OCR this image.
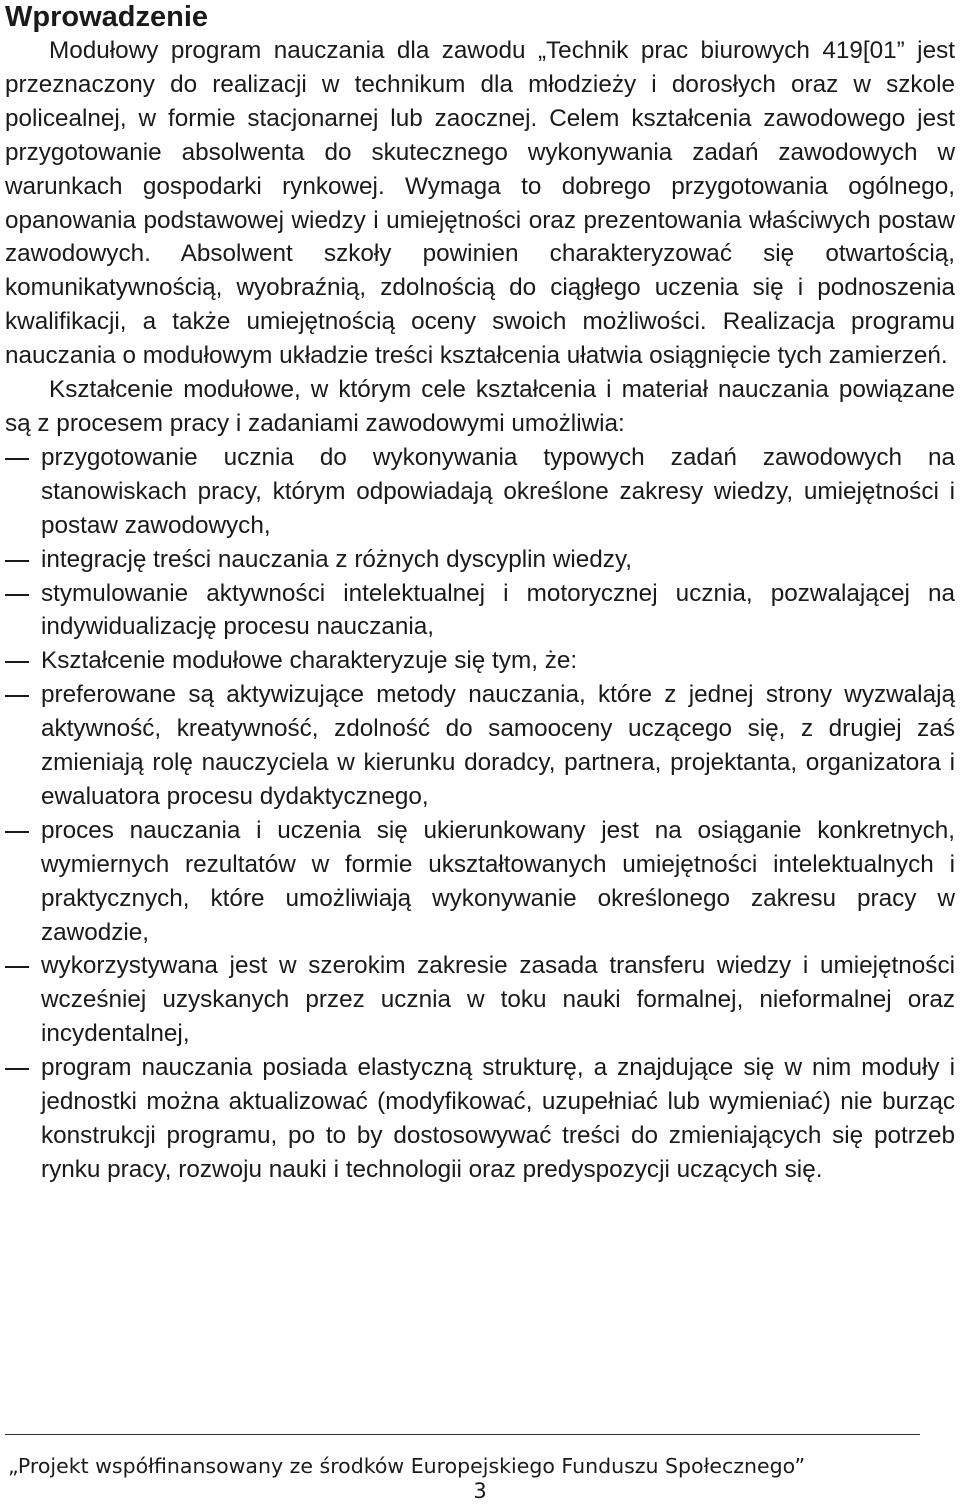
Wprowadzenie

Modułowy program nauczania dla zawodu „Technik prac biurowych 419[01” jest przeznaczony do realizacji w technikum dla młodzieży i dorosłych oraz w szkole policealnej, w formie stacjonarnej lub zaocznej. Celem kształcenia zawodowego jest przygotowanie absolwenta do skutecznego wykonywania zadań zawodowych w warunkach gospodarki rynkowej. Wymaga to dobrego przygotowania ogólnego, opanowania podstawowej wiedzy i umiejętności oraz prezentowania właściwych postaw zawodowych. Absolwent szkoły powinien charakteryzować się otwartością, komunikatywnością, wyobraźnią, zdolnością do ciągłego uczenia się i podnoszenia kwalifikacji, a także umiejętnością oceny swoich możliwości. Realizacja programu nauczania o modułowym układzie treści kształcenia ułatwia osiągnięcie tych zamierzeń.

Kształcenie modułowe, w którym cele kształcenia i materiał nauczania powiązane są z procesem pracy i zadaniami zawodowymi umożliwia:

przygotowanie ucznia do wykonywania typowych zadań zawodowych na stanowiskach pracy, którym odpowiadają określone zakresy wiedzy, umiejętności i postaw zawodowych,
integrację treści nauczania z różnych dyscyplin wiedzy,
stymulowanie aktywności intelektualnej i motorycznej ucznia, pozwalającej na indywidualizację procesu nauczania,
Kształcenie modułowe charakteryzuje się tym, że:
preferowane są aktywizujące metody nauczania, które z jednej strony wyzwalają aktywność, kreatywność, zdolność do samooceny uczącego się, z drugiej zaś zmieniają rolę nauczyciela w kierunku doradcy, partnera, projektanta, organizatora i ewaluatora procesu dydaktycznego,
proces nauczania i uczenia się ukierunkowany jest na osiąganie konkretnych, wymiernych rezultatów w formie ukształtowanych umiejętności intelektualnych i praktycznych, które umożliwiają wykonywanie określonego zakresu pracy w zawodzie,
wykorzystywana jest w szerokim zakresie zasada transferu wiedzy i umiejętności wcześniej uzyskanych przez ucznia w toku nauki formalnej, nieformalnej oraz incydentalnej,
program nauczania posiada elastyczną strukturę, a znajdujące się w nim moduły i jednostki można aktualizować (modyfikować, uzupełniać lub wymieniać) nie burząc konstrukcji programu, po to by dostosowywać treści do zmieniających się potrzeb rynku pracy, rozwoju nauki i technologii oraz predyspozycji uczących się.
„Projekt współfinansowany ze środków Europejskiego Funduszu Społecznego”
3
